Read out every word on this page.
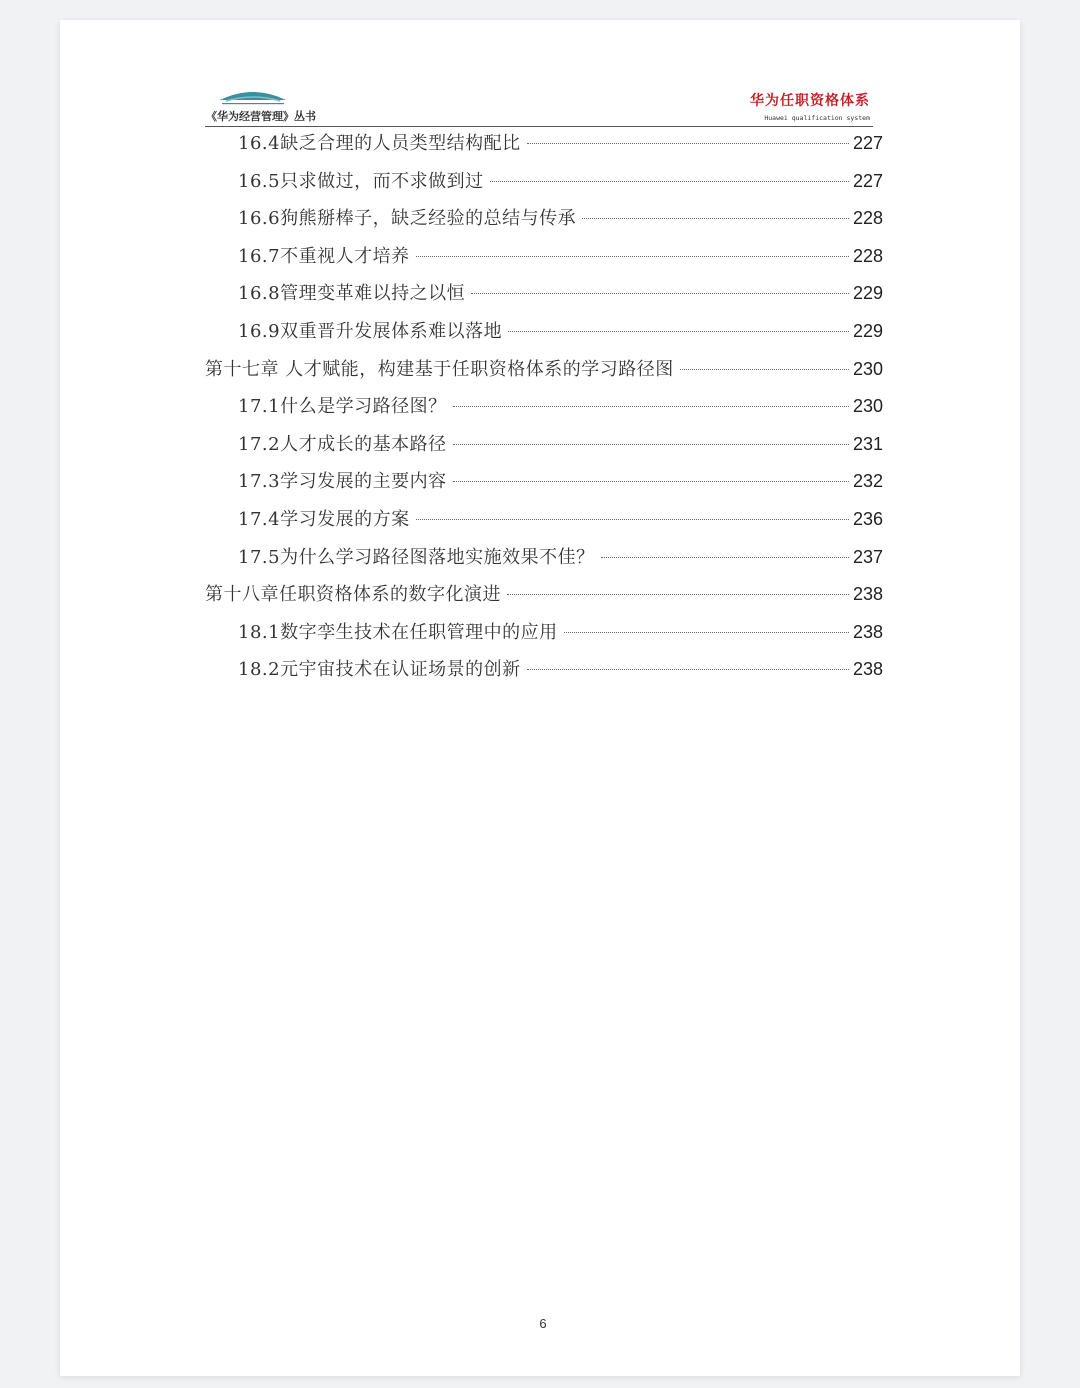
《华为经营管理》丛书
华为任职资格体系
Huawei qualification system
16.4缺乏合理的人员类型结构配比	227
16.5只求做过，而不求做到过	227
16.6狗熊掰棒子，缺乏经验的总结与传承	228
16.7不重视人才培养	228
16.8管理变革难以持之以恒	229
16.9双重晋升发展体系难以落地	229
第十七章 人才赋能，构建基于任职资格体系的学习路径图	230
17.1什么是学习路径图？	230
17.2人才成长的基本路径	231
17.3学习发展的主要内容	232
17.4学习发展的方案	236
17.5为什么学习路径图落地实施效果不佳？	237
第十八章任职资格体系的数字化演进	238
18.1数字孪生技术在任职管理中的应用	238
18.2元宇宙技术在认证场景的创新	238
6
